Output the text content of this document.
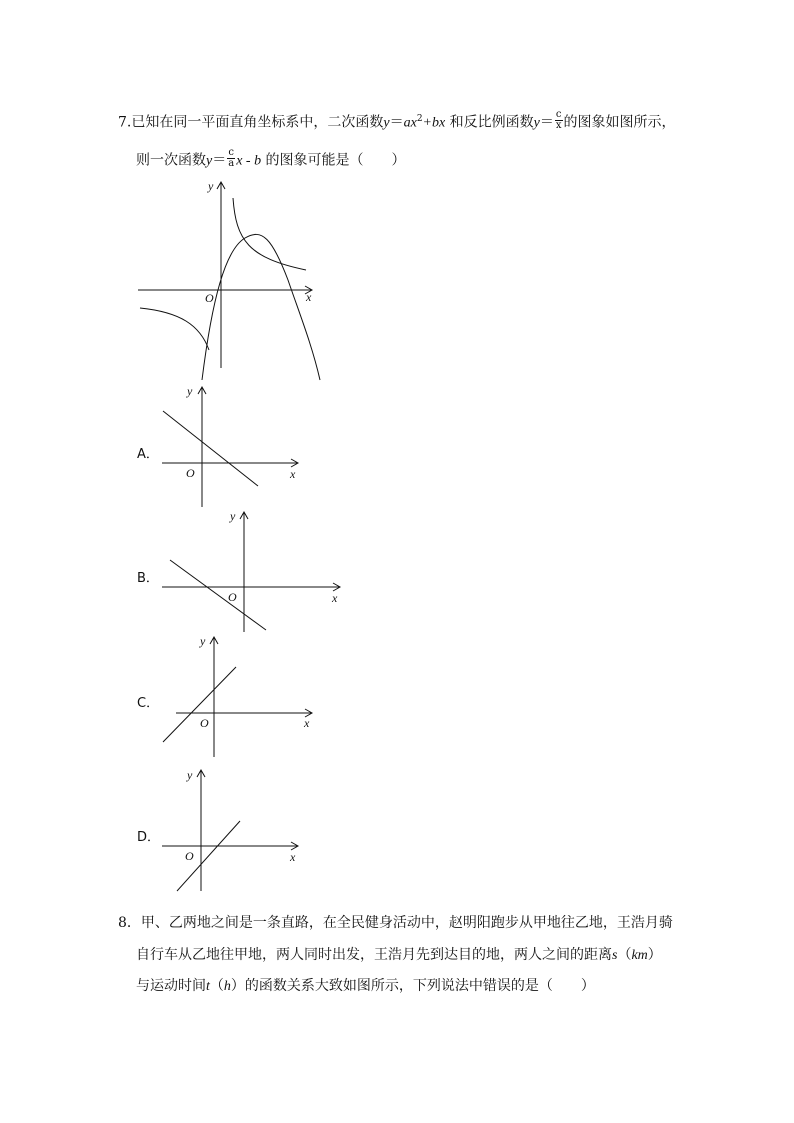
7.已知在同一平面直角坐标系中，二次函数$y=ax^2+bx$ 和反比例函数$y= \frac{c}{x}$ 的图象如图所示，
则一次函数$y= \frac{c}{a}$ x - b 的图象可能是（　　）
y
x
O
y
x
O
y
x
O
y
x
O
y
x
O
A．
B．
C．
D．
8．甲、乙两地之间是一条直路，在全民健身活动中，赵明阳跑步从甲地往乙地，王浩月骑
自行车从乙地往甲地，两人同时出发，王浩月先到达目的地，两人之间的距离s（km）
与运动时间t（h）的函数关系大致如图所示，下列说法中错误的是（　　）
